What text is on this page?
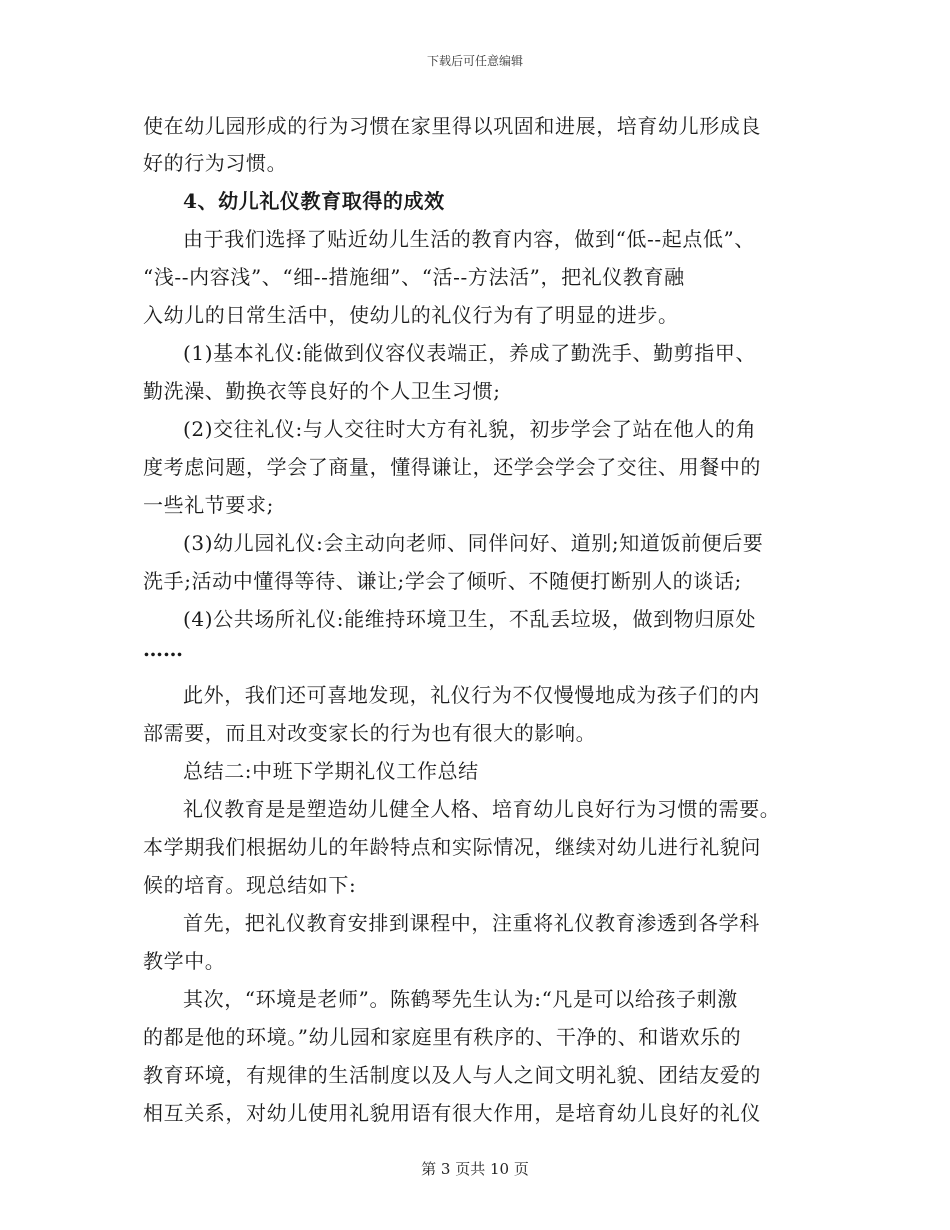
下载后可任意编辑
使在幼儿园形成的行为习惯在家里得以巩固和进展，培育幼儿形成良
好的行为习惯。
4、幼儿礼仪教育取得的成效
由于我们选择了贴近幼儿生活的教育内容，做到“低--起点低”、
“浅--内容浅”、“细--措施细”、“活--方法活”，把礼仪教育融
入幼儿的日常生活中，使幼儿的礼仪行为有了明显的进步。
(1)基本礼仪:能做到仪容仪表端正，养成了勤洗手、勤剪指甲、
勤洗澡、勤换衣等良好的个人卫生习惯;
(2)交往礼仪:与人交往时大方有礼貌，初步学会了站在他人的角
度考虑问题，学会了商量，懂得谦让，还学会学会了交往、用餐中的
一些礼节要求;
(3)幼儿园礼仪:会主动向老师、同伴问好、道别;知道饭前便后要
洗手;活动中懂得等待、谦让;学会了倾听、不随便打断别人的谈话;
(4)公共场所礼仪:能维持环境卫生，不乱丢垃圾，做到物归原处
……
此外，我们还可喜地发现，礼仪行为不仅慢慢地成为孩子们的内
部需要，而且对改变家长的行为也有很大的影响。
总结二:中班下学期礼仪工作总结
礼仪教育是是塑造幼儿健全人格、培育幼儿良好行为习惯的需要。
本学期我们根据幼儿的年龄特点和实际情况，继续对幼儿进行礼貌问
候的培育。现总结如下:
首先，把礼仪教育安排到课程中，注重将礼仪教育渗透到各学科
教学中。
其次，“环境是老师”。陈鹤琴先生认为:“凡是可以给孩子刺激
的都是他的环境。”幼儿园和家庭里有秩序的、干净的、和谐欢乐的
教育环境，有规律的生活制度以及人与人之间文明礼貌、团结友爱的
相互关系，对幼儿使用礼貌用语有很大作用，是培育幼儿良好的礼仪
第 3 页共 10 页
